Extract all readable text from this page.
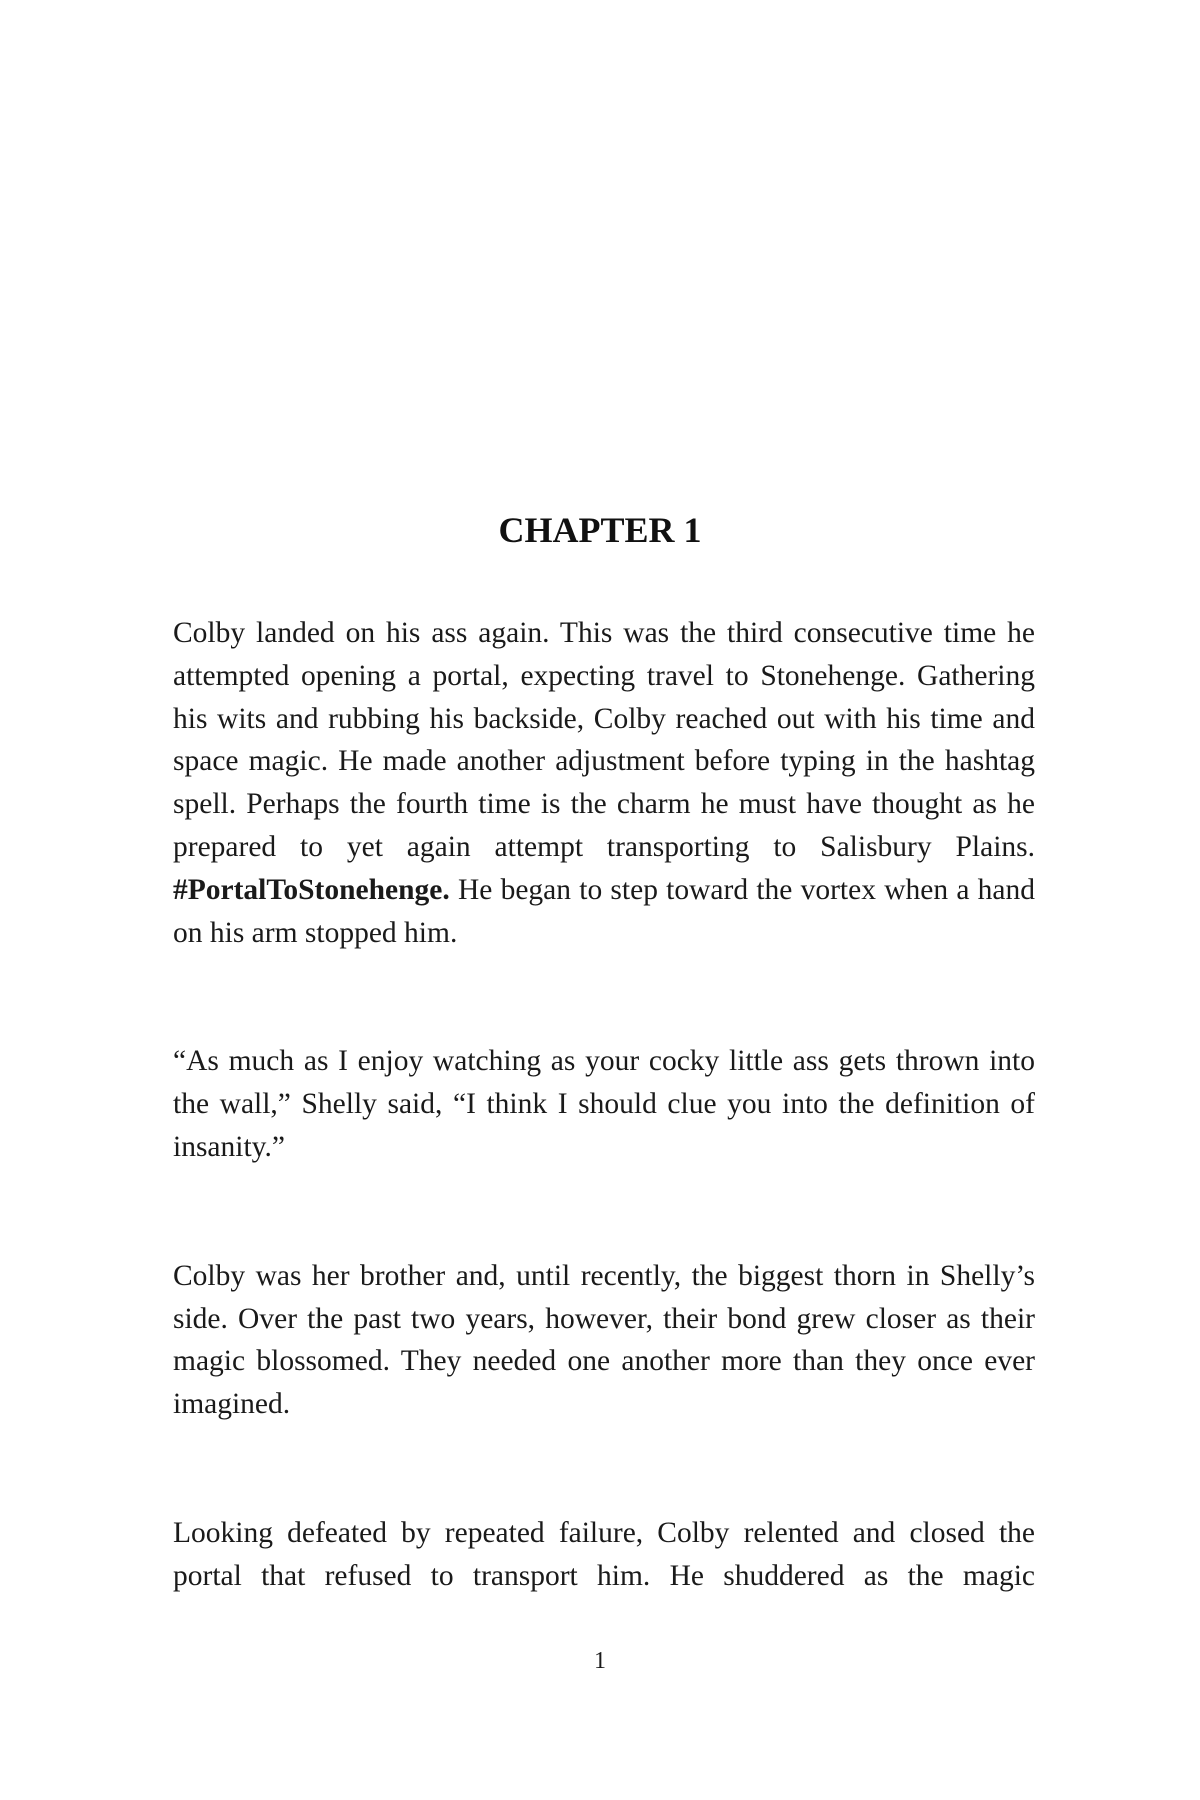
CHAPTER 1

Colby landed on his ass again. This was the third consecutive time he attempted opening a portal, expecting travel to Stonehenge. Gathering his wits and rubbing his backside, Colby reached out with his time and space magic. He made another adjustment before typing in the hashtag spell. Perhaps the fourth time is the charm he must have thought as he prepared to yet again attempt transporting to Salisbury Plains. #PortalToStonehenge. He began to step toward the vortex when a hand on his arm stopped him.

“As much as I enjoy watching as your cocky little ass gets thrown into the wall,” Shelly said, “I think I should clue you into the definition of insanity.”

Colby was her brother and, until recently, the biggest thorn in Shelly’s side. Over the past two years, however, their bond grew closer as their magic blossomed. They needed one another more than they once ever imagined.

Looking defeated by repeated failure, Colby relented and closed the portal that refused to transport him. He shuddered as the magic

1
